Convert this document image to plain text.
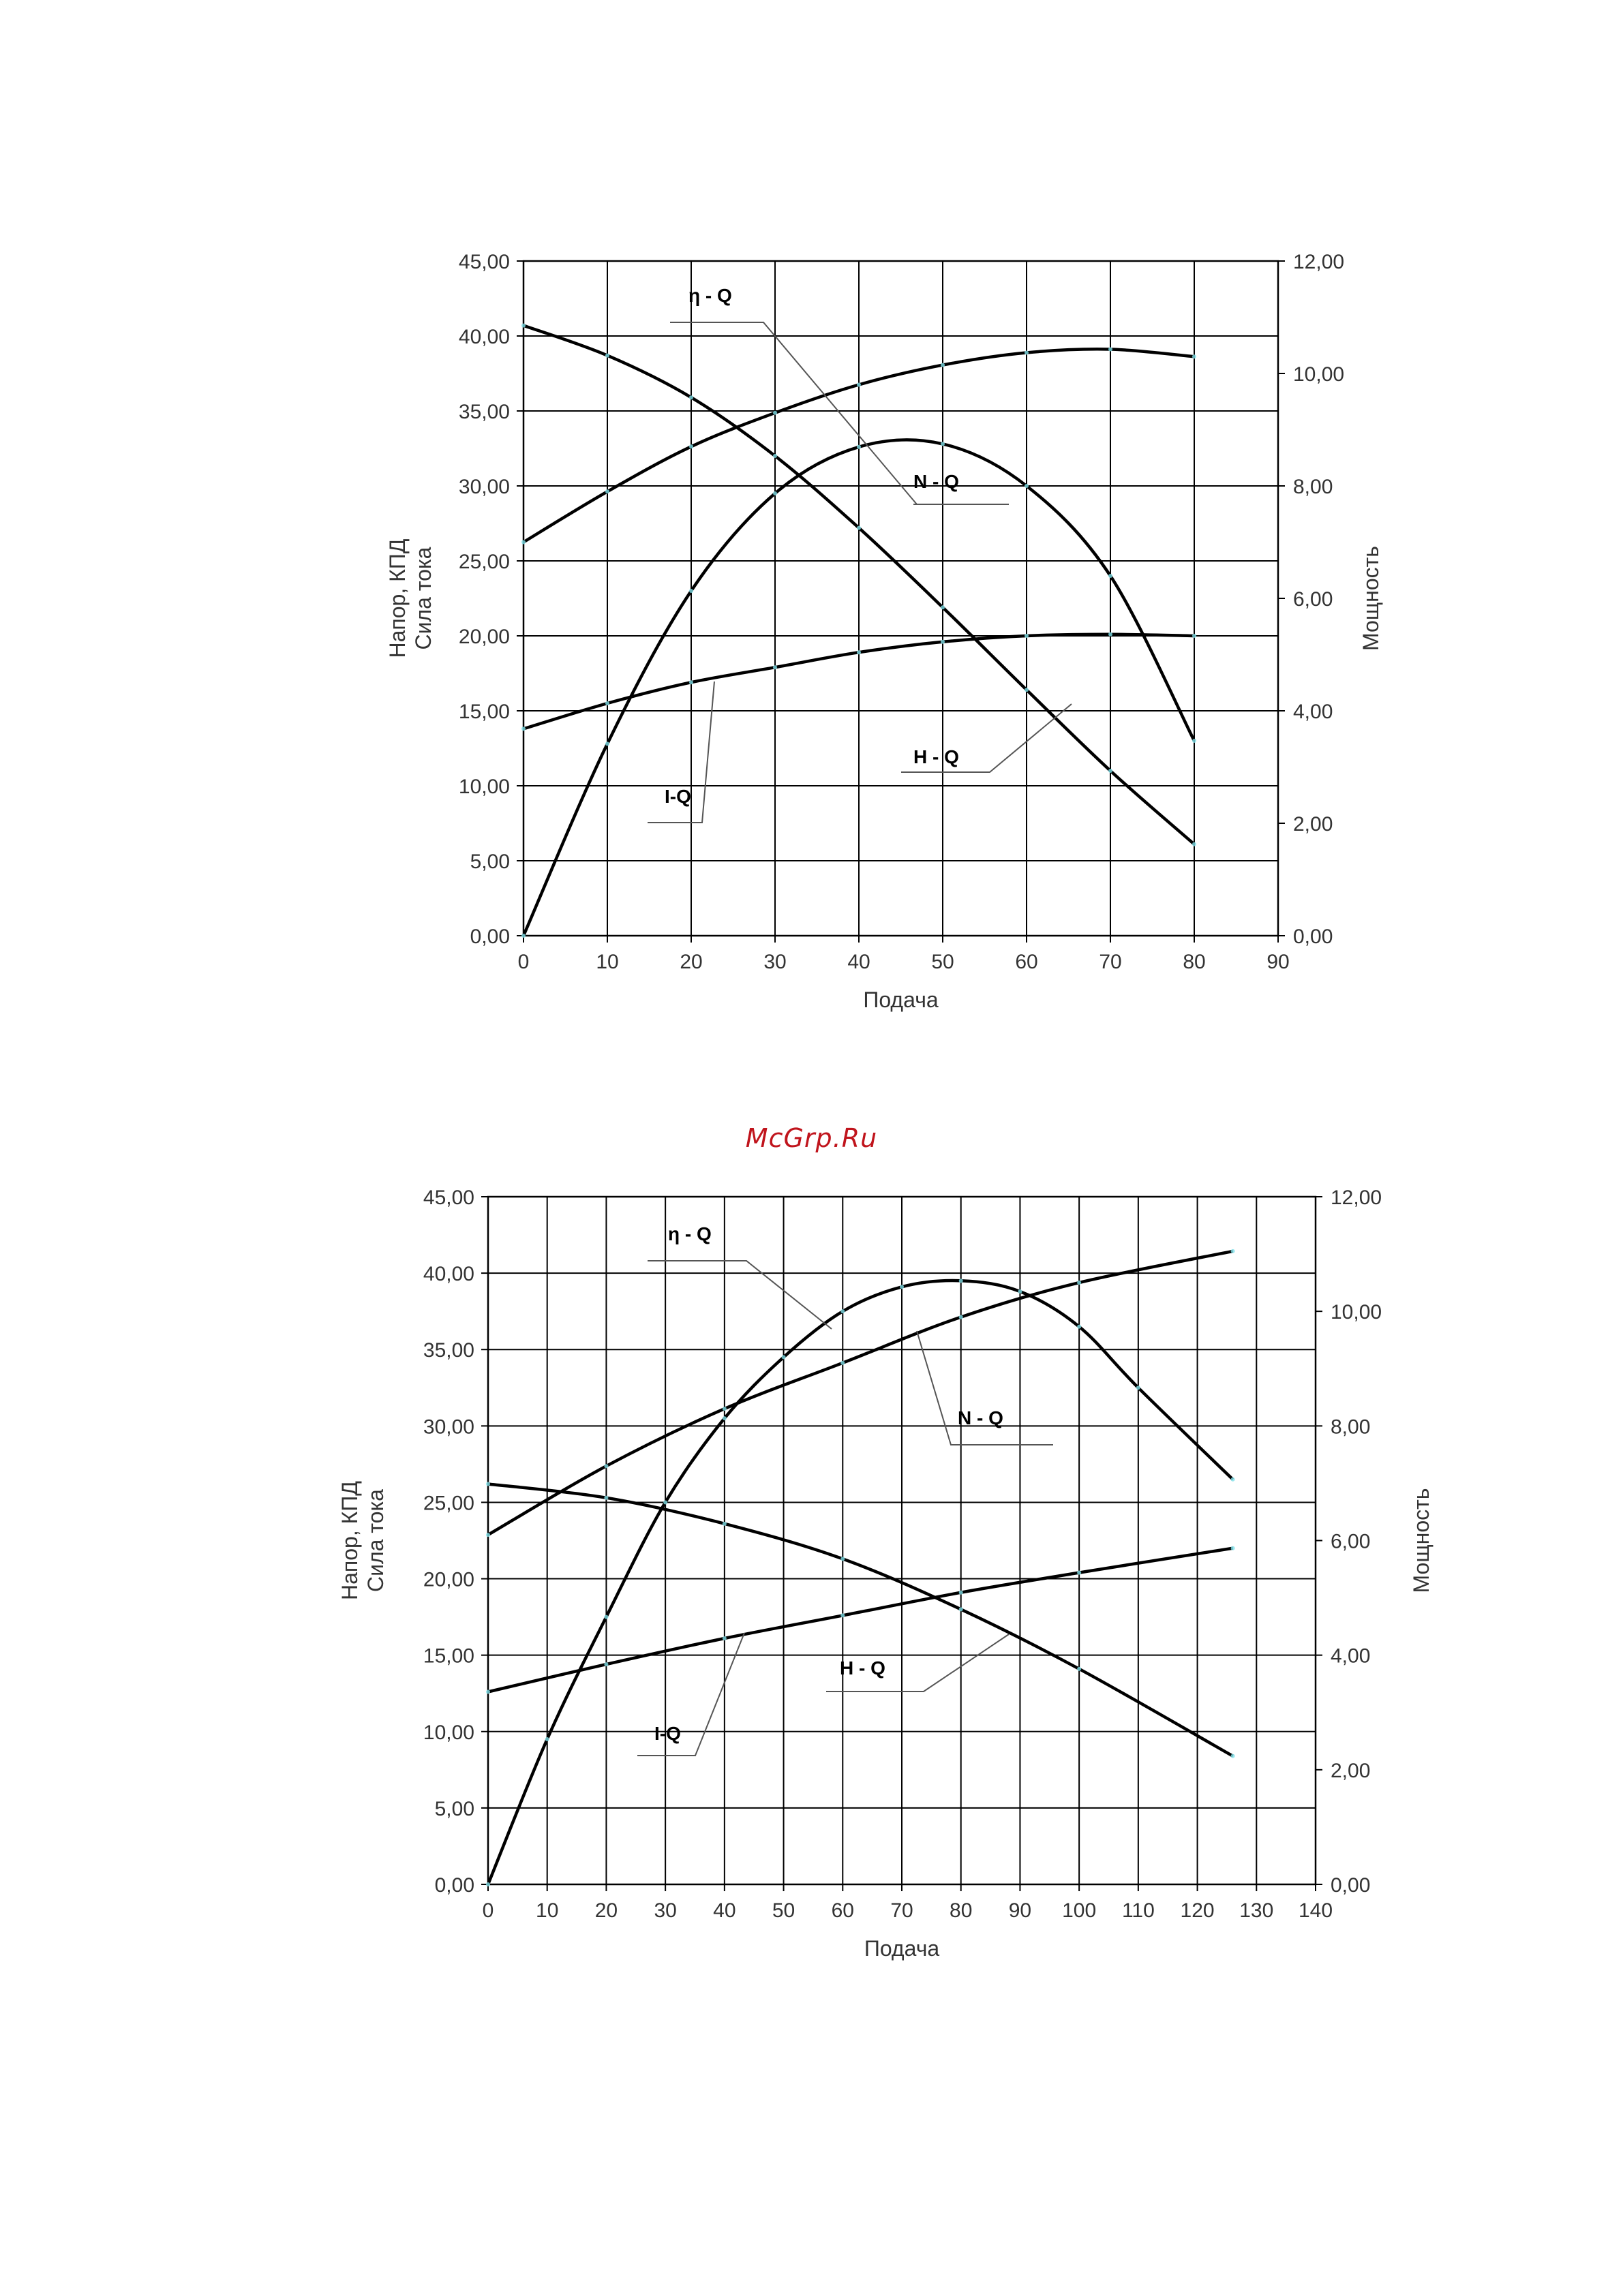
0	10	20	30	40	50	60	70	80	90
0,00
5,00
10,00
15,00
20,00
25,00
30,00
35,00
40,00
45,00
0,00
2,00
4,00
6,00
8,00
10,00
12,00
Подача
Напор, КПД Сила тока	Мощность
η - Q
N - Q
H - Q
I-Q
McGrp.Ru
0 10 20 30 40 50 60 70 80 90 100 110 120 130 140
0,00
5,00
10,00
15,00
20,00
25,00
30,00
35,00
40,00
45,00
0,00
2,00
4,00
6,00
8,00
10,00
12,00
Подача
Напор, КПД Сила тока	Мощность
η - Q
N - Q
H - Q
I-Q
